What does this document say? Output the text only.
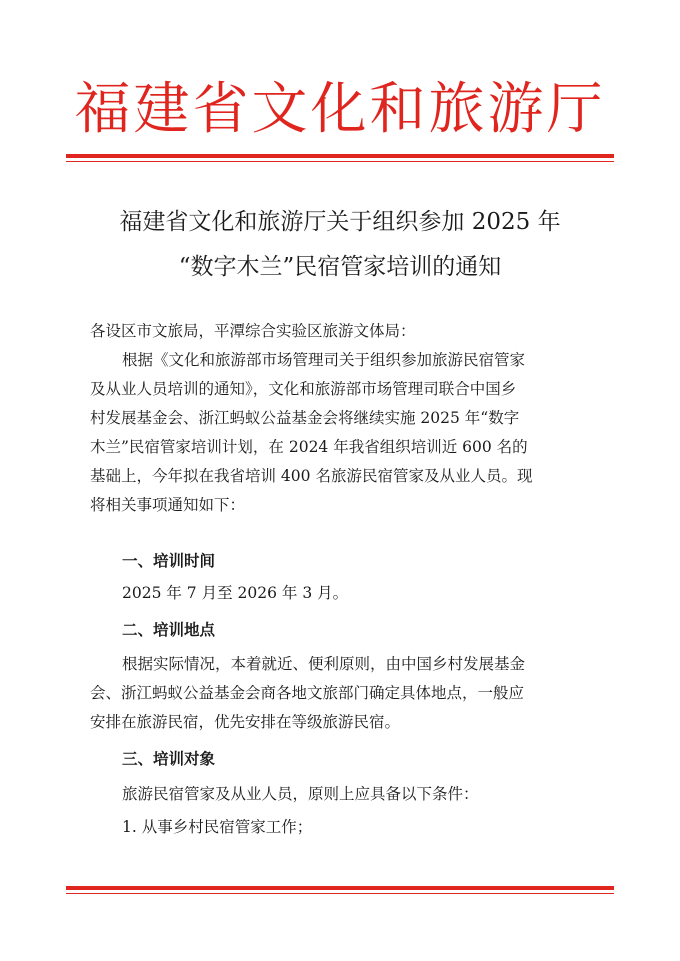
福建省文化和旅游厅
福建省文化和旅游厅关于组织参加 2025 年
“数字木兰”民宿管家培训的通知
各设区市文旅局，平潭综合实验区旅游文体局：
根据《文化和旅游部市场管理司关于组织参加旅游民宿管家
及从业人员培训的通知》，文化和旅游部市场管理司联合中国乡
村发展基金会、浙江蚂蚁公益基金会将继续实施 2025 年“数字
木兰”民宿管家培训计划，在 2024 年我省组织培训近 600 名的
基础上，今年拟在我省培训 400 名旅游民宿管家及从业人员。现
将相关事项通知如下：
一、培训时间
2025 年 7 月至 2026 年 3 月。
二、培训地点
根据实际情况，本着就近、便利原则，由中国乡村发展基金
会、浙江蚂蚁公益基金会商各地文旅部门确定具体地点，一般应
安排在旅游民宿，优先安排在等级旅游民宿。
三、培训对象
旅游民宿管家及从业人员，原则上应具备以下条件：
1. 从事乡村民宿管家工作；
